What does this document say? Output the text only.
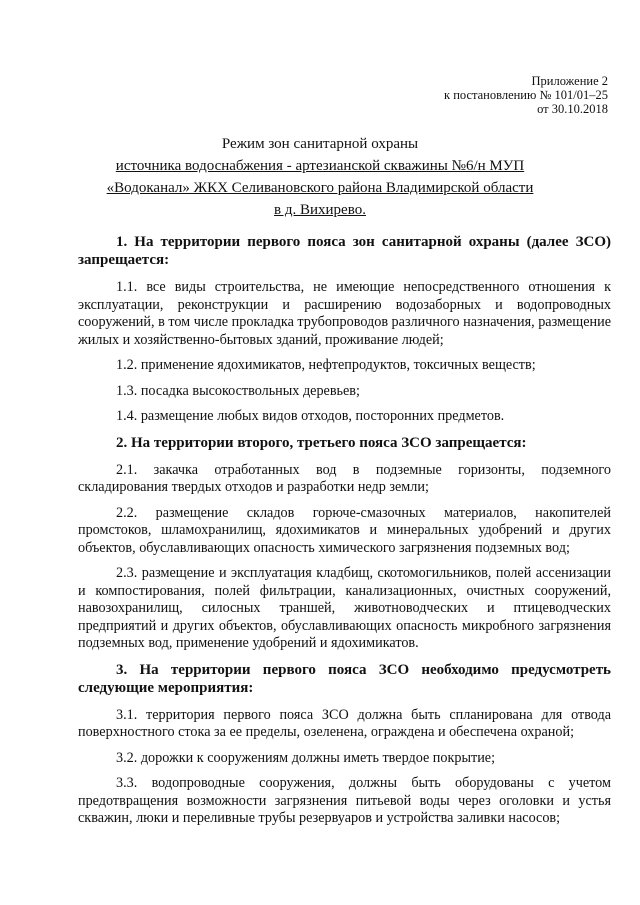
Приложение 2
к постановлению № 101/01–25
от 30.10.2018
Режим зон санитарной охраны
источника водоснабжения - артезианской скважины №6/н МУП
«Водоканал» ЖКХ Селивановского района Владимирской области
в д. Вихирево.

1. На территории первого пояса зон санитарной охраны (далее ЗСО) запрещается:

1.1. все виды строительства, не имеющие непосредственного отношения к эксплуатации, реконструкции и расширению водозаборных и водопроводных сооружений, в том числе прокладка трубопроводов различного назначения, размещение жилых и хозяйственно-бытовых зданий, проживание людей;

1.2. применение ядохимикатов, нефтепродуктов, токсичных веществ;

1.3. посадка высокоствольных деревьев;

1.4. размещение любых видов отходов, посторонних предметов.

2. На территории второго, третьего пояса ЗСО запрещается:

2.1. закачка отработанных вод в подземные горизонты, подземного складирования твердых отходов и разработки недр земли;

2.2. размещение складов горюче-смазочных материалов, накопителей промстоков, шламохранилищ, ядохимикатов и минеральных удобрений и других объектов, обуславливающих опасность химического загрязнения подземных вод;

2.3. размещение и эксплуатация кладбищ, скотомогильников, полей ассенизации и компостирования, полей фильтрации, канализационных, очистных сооружений, навозохранилищ, силосных траншей, животноводческих и птицеводческих предприятий и других объектов, обуславливающих опасность микробного загрязнения подземных вод, применение удобрений и ядохимикатов.

3. На территории первого пояса ЗСО необходимо предусмотреть следующие мероприятия:

3.1. территория первого пояса ЗСО должна быть спланирована для отвода поверхностного стока за ее пределы, озеленена, ограждена и обеспечена охраной;

3.2. дорожки к сооружениям должны иметь твердое покрытие;

3.3. водопроводные сооружения, должны быть оборудованы с учетом предотвращения возможности загрязнения питьевой воды через оголовки и устья скважин, люки и переливные трубы резервуаров и устройства заливки насосов;
